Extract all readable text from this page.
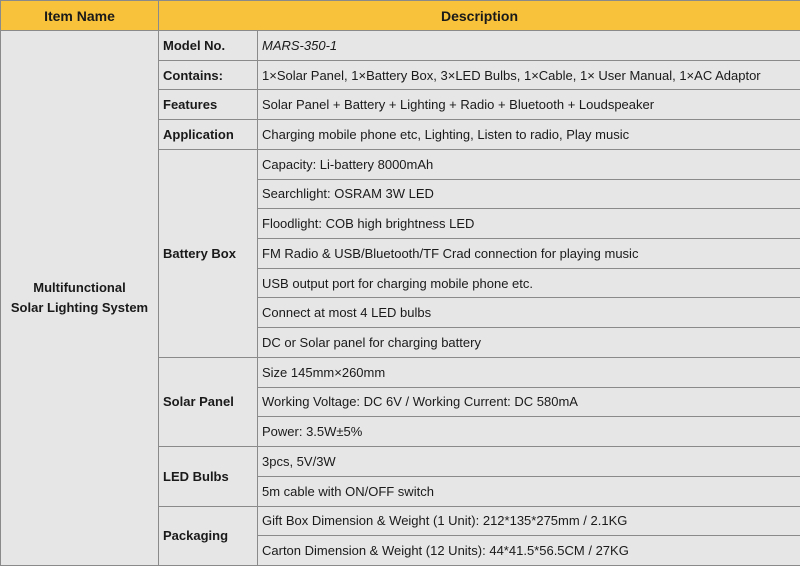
Item Name	Description	

Multifunctional
Solar Lighting System	Model No.	MARS-350-1
	Contains:	1×Solar Panel, 1×Battery Box, 3×LED Bulbs, 1×Cable, 1× User Manual, 1×AC Adaptor
	Features	Solar Panel + Battery + Lighting + Radio + Bluetooth + Loudspeaker
	Application	Charging mobile phone etc, Lighting, Listen to radio, Play music
	Battery Box	Capacity: Li-battery 8000mAh
		Searchlight: OSRAM 3W LED
		Floodlight: COB high brightness LED
		FM Radio & USB/Bluetooth/TF Crad connection for playing music
		USB output port for charging mobile phone etc.
		Connect at most 4 LED bulbs
		DC or Solar panel for charging battery
	Solar Panel	Size 145mm×260mm
		Working Voltage: DC 6V / Working Current: DC 580mA
		Power: 3.5W±5%
	LED Bulbs	3pcs, 5V/3W
		5m cable with ON/OFF switch
	Packaging	Gift Box Dimension & Weight (1 Unit): 212*135*275mm / 2.1KG
		Carton Dimension & Weight (12 Units): 44*41.5*56.5CM / 27KG
